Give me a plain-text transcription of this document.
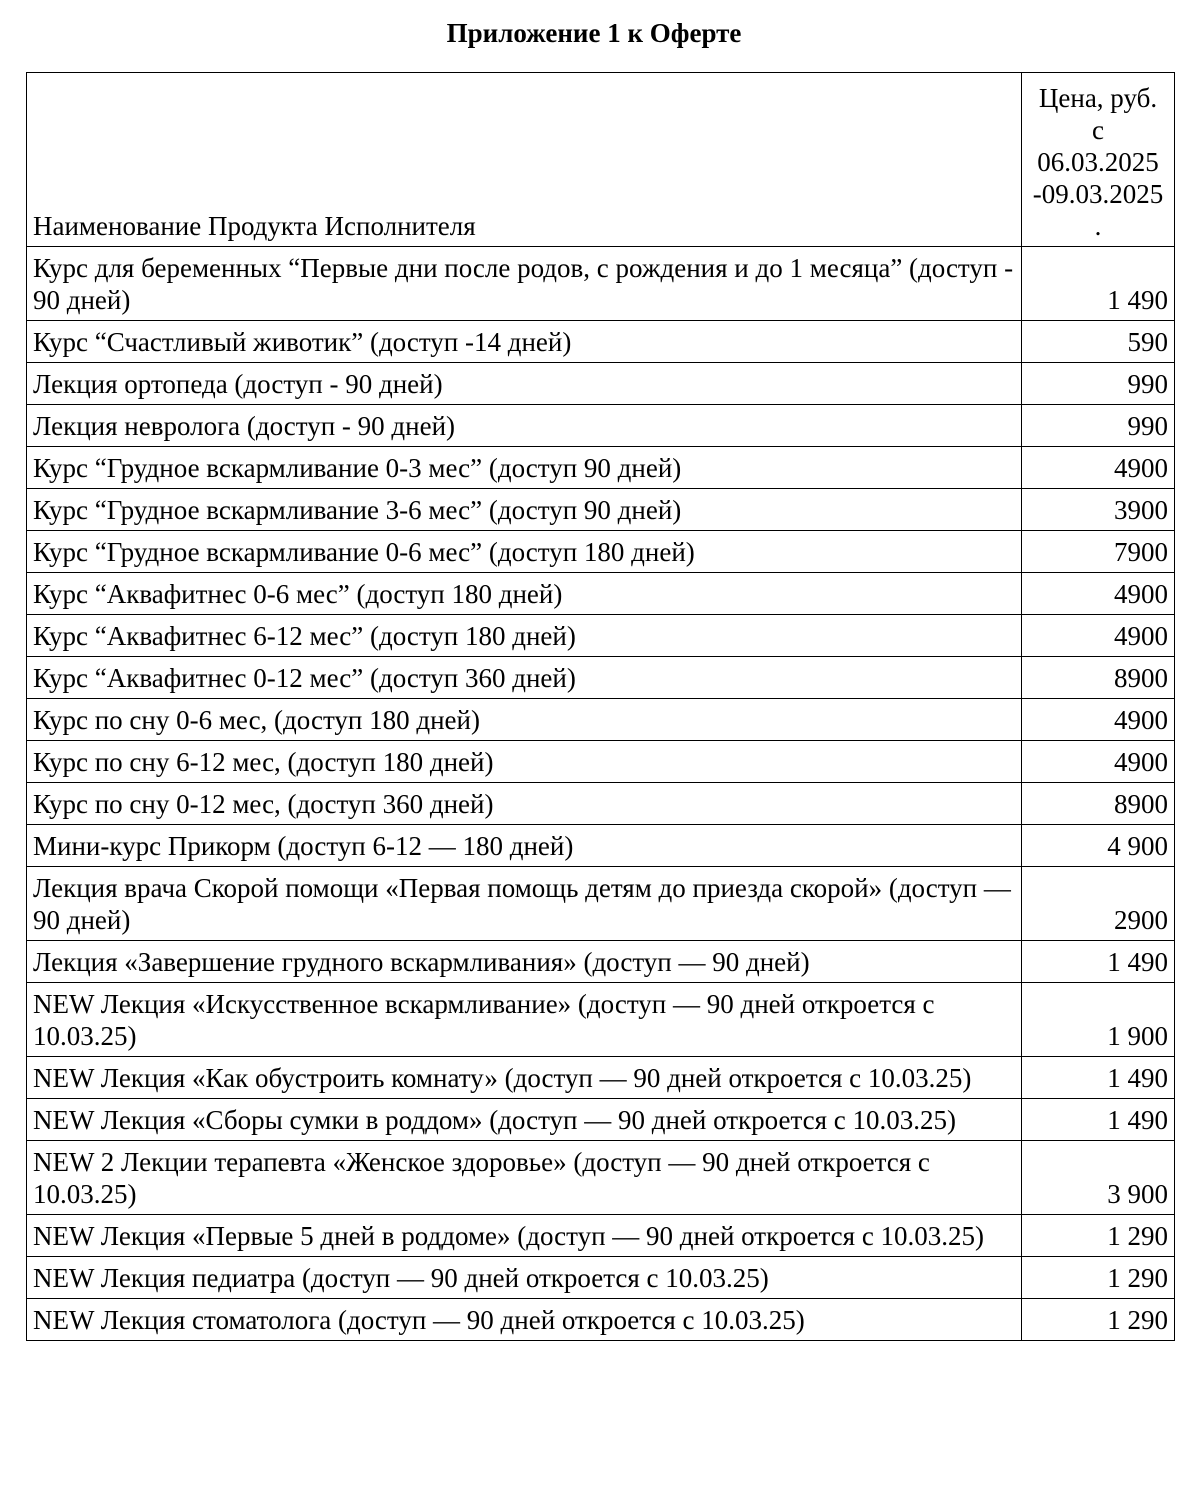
Приложение 1 к Оферте
Наименование Продукта Исполнителя	Цена, руб.
с
06.03.2025
-09.03.2025
.

Курс для беременных “Первые дни после родов, с рождения и до 1 месяца” (доступ - 90 дней)	1 490
Курс “Счастливый животик” (доступ -14 дней)	590
Лекция ортопеда (доступ - 90 дней)	990
Лекция невролога (доступ - 90 дней)	990
Курс “Грудное вскармливание 0-3 мес” (доступ 90 дней)	4900
Курс “Грудное вскармливание 3-6 мес” (доступ 90 дней)	3900
Курс “Грудное вскармливание 0-6 мес” (доступ 180 дней)	7900
Курс “Аквафитнес 0-6 мес” (доступ 180 дней)	4900
Курс “Аквафитнес 6-12 мес” (доступ 180 дней)	4900
Курс “Аквафитнес 0-12 мес” (доступ 360 дней)	8900
Курс по сну 0-6 мес, (доступ 180 дней)	4900
Курс по сну 6-12 мес, (доступ 180 дней)	4900
Курс по сну 0-12 мес, (доступ 360 дней)	8900
Мини-курс Прикорм (доступ 6-12 — 180 дней)	4 900
Лекция врача Скорой помощи «Первая помощь детям до приезда скорой» (доступ — 90 дней)	2900
Лекция «Завершение грудного вскармливания» (доступ — 90 дней)	1 490
NEW Лекция «Искусственное вскармливание» (доступ — 90 дней откроется с 10.03.25)	1 900
NEW Лекция «Как обустроить комнату» (доступ — 90 дней откроется с 10.03.25)	1 490
NEW Лекция «Сборы сумки в роддом» (доступ — 90 дней откроется с 10.03.25)	1 490
NEW 2 Лекции терапевта «Женское здоровье» (доступ — 90 дней откроется с 10.03.25)	3 900
NEW Лекция «Первые 5 дней в роддоме» (доступ — 90 дней откроется с 10.03.25)	1 290
NEW Лекция педиатра (доступ — 90 дней откроется с 10.03.25)	1 290
NEW Лекция стоматолога (доступ — 90 дней откроется с 10.03.25)	1 290
